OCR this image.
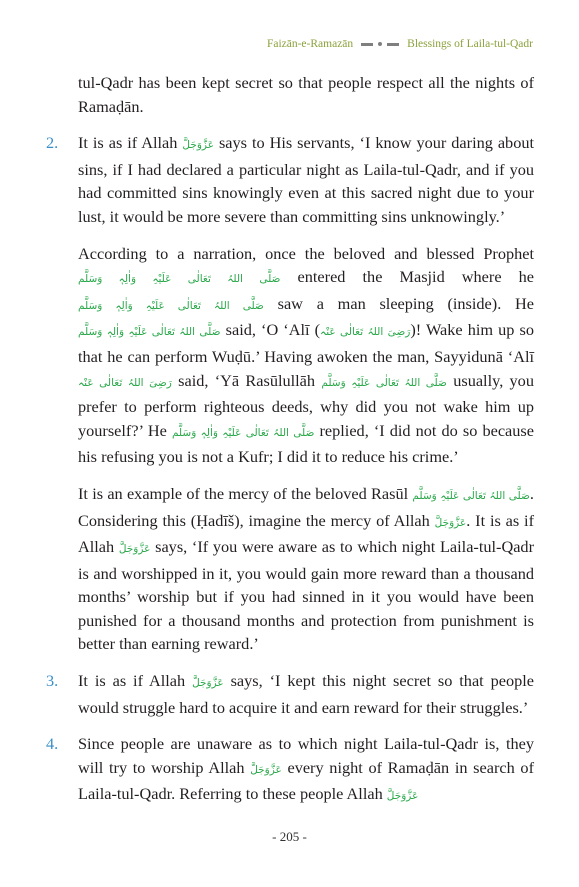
Faizān-e-Ramazān	Blessings of Lailа-tul-Qadr

tul-Qadr has been kept secret so that people respect all the nights of Ramaḍān.

2. It is as if Allah عَزَّوَجَلَّ says to His servants, ‘I know your daring about sins, if I had declared a particular night as Lailа-tul-Qadr, and if you had committed sins knowingly even at this sacred night due to your lust, it would be more severe than committing sins unknowingly.’

According to a narration, once the beloved and blessed Prophet صَلَّی اللہُ تَعَالٰی عَلَیْہِ وَاٰلِہٖ وَسَلَّم entered the Masjid where he صَلَّی اللہُ تَعَالٰی عَلَیْہِ وَاٰلِہٖ وَسَلَّم saw a man sleeping (inside). He صَلَّی اللہُ تَعَالٰی عَلَیْہِ وَاٰلِہٖ وَسَلَّم said, ‘O ‘Alī (رَضِیَ اللہُ تَعَالٰی عَنْہ)! Wake him up so that he can perform Wuḍū.’ Having awoken the man, Sayyidunā ‘Alī رَضِیَ اللہُ تَعَالٰی عَنْہ said, ‘Yā Rasūlullāh صَلَّی اللہُ تَعَالٰی عَلَیْہِ وَسَلَّم usually, you prefer to perform righteous deeds, why did you not wake him up yourself?’ He صَلَّی اللہُ تَعَالٰی عَلَیْہِ وَاٰلِہٖ وَسَلَّم replied, ‘I did not do so because his refusing you is not a Kufr; I did it to reduce his crime.’

It is an example of the mercy of the beloved Rasūl صَلَّی اللہُ تَعَالٰی عَلَیْہِ وَسَلَّم. Considering this (Ḥadīš), imagine the mercy of Allah عَزَّوَجَلَّ. It is as if Allah عَزَّوَجَلَّ says, ‘If you were aware as to which night Lailа-tul-Qadr is and worshipped in it, you would gain more reward than a thousand months’ worship but if you had sinned in it you would have been punished for a thousand months and protection from punishment is better than earning reward.’

3. It is as if Allah عَزَّوَجَلَّ says, ‘I kept this night secret so that people would struggle hard to acquire it and earn reward for their struggles.’

4. Since people are unaware as to which night Lailа-tul-Qadr is, they will try to worship Allah عَزَّوَجَلَّ every night of Ramaḍān in search of Lailа-tul-Qadr. Referring to these people Allah عَزَّوَجَلَّ

- 205 -
